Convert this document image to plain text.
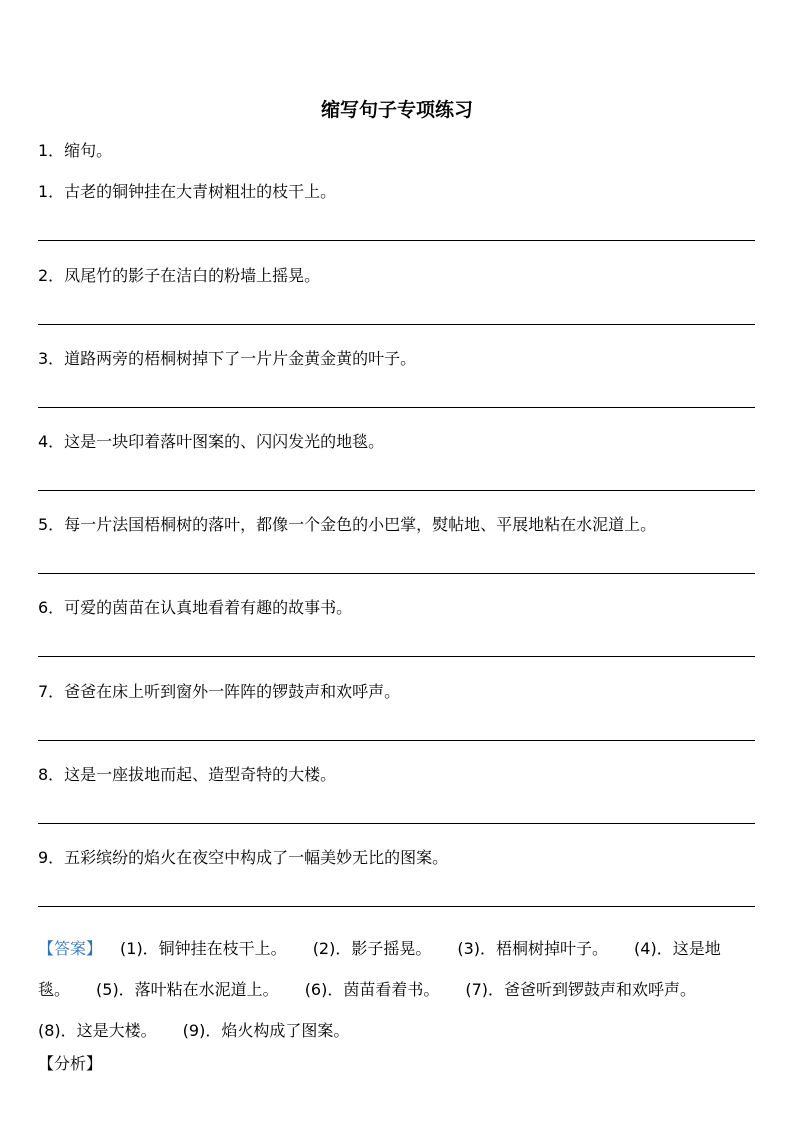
缩写句子专项练习
1．缩句。
1．古老的铜钟挂在大青树粗壮的枝干上。
2．凤尾竹的影子在洁白的粉墙上摇晃。
3．道路两旁的梧桐树掉下了一片片金黄金黄的叶子。
4．这是一块印着落叶图案的、闪闪发光的地毯。
5．每一片法国梧桐树的落叶，都像一个金色的小巴掌，熨帖地、平展地粘在水泥道上。
6．可爱的茵苗在认真地看着有趣的故事书。
7．爸爸在床上听到窗外一阵阵的锣鼓声和欢呼声。
8．这是一座拔地而起、造型奇特的大楼。
9．五彩缤纷的焰火在夜空中构成了一幅美妙无比的图案。
【答案】 (1)．铜钟挂在枝干上。 (2)．影子摇晃。 (3)．梧桐树掉叶子。 (4)．这是地毯。 (5)．落叶粘在水泥道上。 (6)．茵苗看着书。 (7)．爸爸听到锣鼓声和欢呼声。(8)．这是大楼。 (9)．焰火构成了图案。
【分析】
